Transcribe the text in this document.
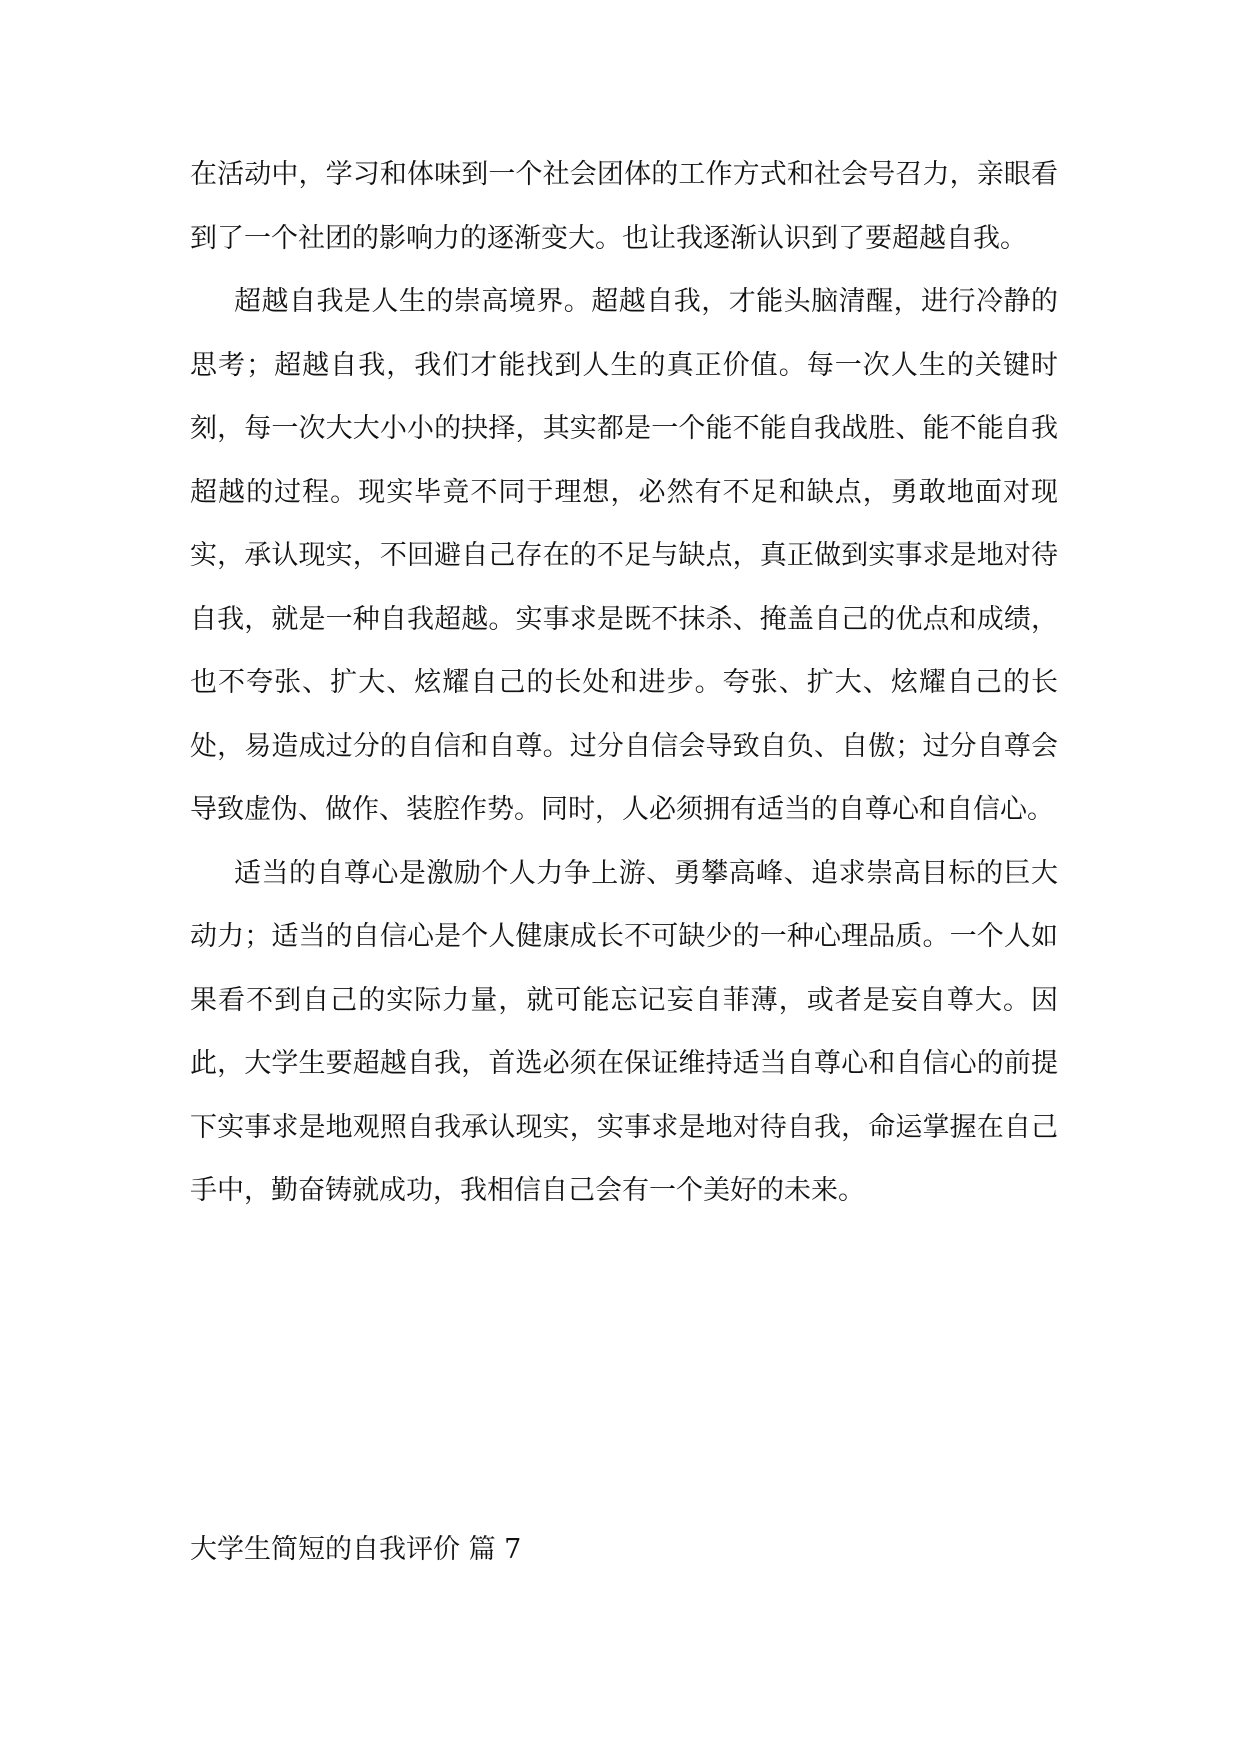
在活动中，学习和体味到一个社会团体的工作方式和社会号召力，亲眼看到了一个社团的影响力的逐渐变大。也让我逐渐认识到了要超越自我。

超越自我是人生的崇高境界。超越自我，才能头脑清醒，进行冷静的思考；超越自我，我们才能找到人生的真正价值。每一次人生的关键时刻，每一次大大小小的抉择，其实都是一个能不能自我战胜、能不能自我超越的过程。现实毕竟不同于理想，必然有不足和缺点，勇敢地面对现实，承认现实，不回避自己存在的不足与缺点，真正做到实事求是地对待自我，就是一种自我超越。实事求是既不抹杀、掩盖自己的优点和成绩，也不夸张、扩大、炫耀自己的长处和进步。夸张、扩大、炫耀自己的长处，易造成过分的自信和自尊。过分自信会导致自负、自傲；过分自尊会导致虚伪、做作、装腔作势。同时，人必须拥有适当的自尊心和自信心。

适当的自尊心是激励个人力争上游、勇攀高峰、追求崇高目标的巨大动力；适当的自信心是个人健康成长不可缺少的一种心理品质。一个人如果看不到自己的实际力量，就可能忘记妄自菲薄，或者是妄自尊大。因此，大学生要超越自我，首选必须在保证维持适当自尊心和自信心的前提下实事求是地观照自我承认现实，实事求是地对待自我，命运掌握在自己手中，勤奋铸就成功，我相信自己会有一个美好的未来。

大学生简短的自我评价 篇 7
